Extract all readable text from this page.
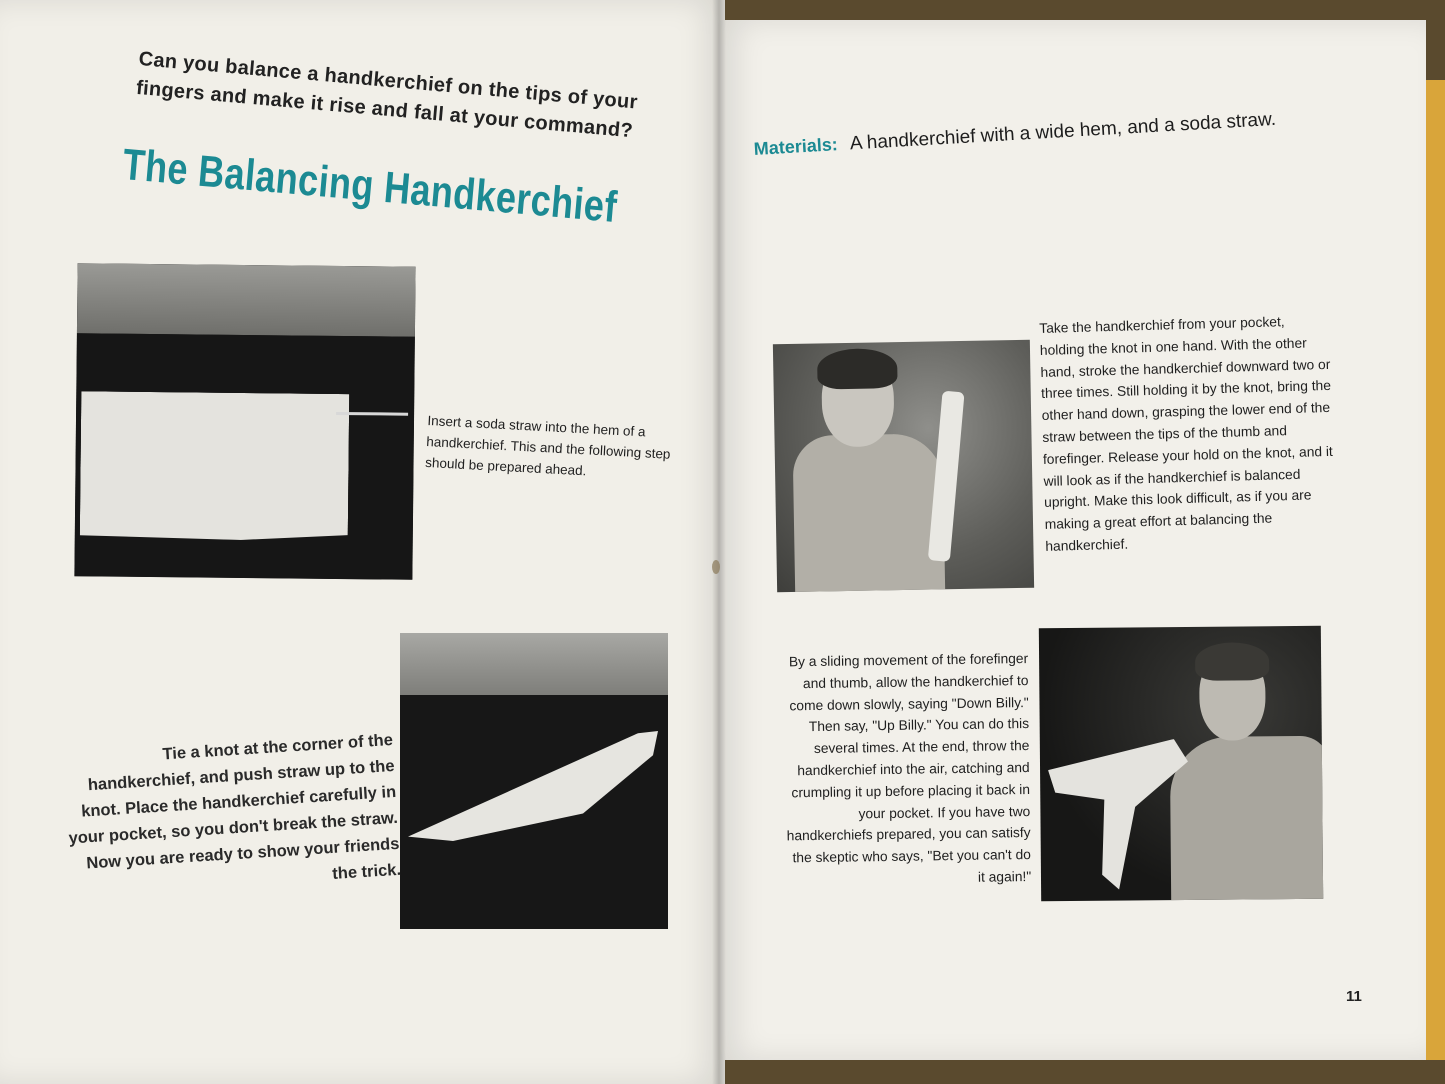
Can you balance a handkerchief on the tips of your fingers and make it rise and fall at your command?
The Balancing Handkerchief
Insert a soda straw into the hem of a handkerchief. This and the following step should be prepared ahead.
Tie a knot at the corner of the handkerchief, and push straw up to the knot. Place the handkerchief carefully in your pocket, so you don't break the straw. Now you are ready to show your friends the trick.
Materials: A handkerchief with a wide hem, and a soda straw.
Take the handkerchief from your pocket, holding the knot in one hand. With the other hand, stroke the handkerchief downward two or three times. Still holding it by the knot, bring the other hand down, grasping the lower end of the straw between the tips of the thumb and forefinger. Release your hold on the knot, and it will look as if the handkerchief is balanced upright. Make this look difficult, as if you are making a great effort at balancing the handkerchief.
By a sliding movement of the forefinger and thumb, allow the handkerchief to come down slowly, saying "Down Billy." Then say, "Up Billy." You can do this several times. At the end, throw the handkerchief into the air, catching and crumpling it up before placing it back in your pocket. If you have two handkerchiefs prepared, you can satisfy the skeptic who says, "Bet you can't do it again!"
11
